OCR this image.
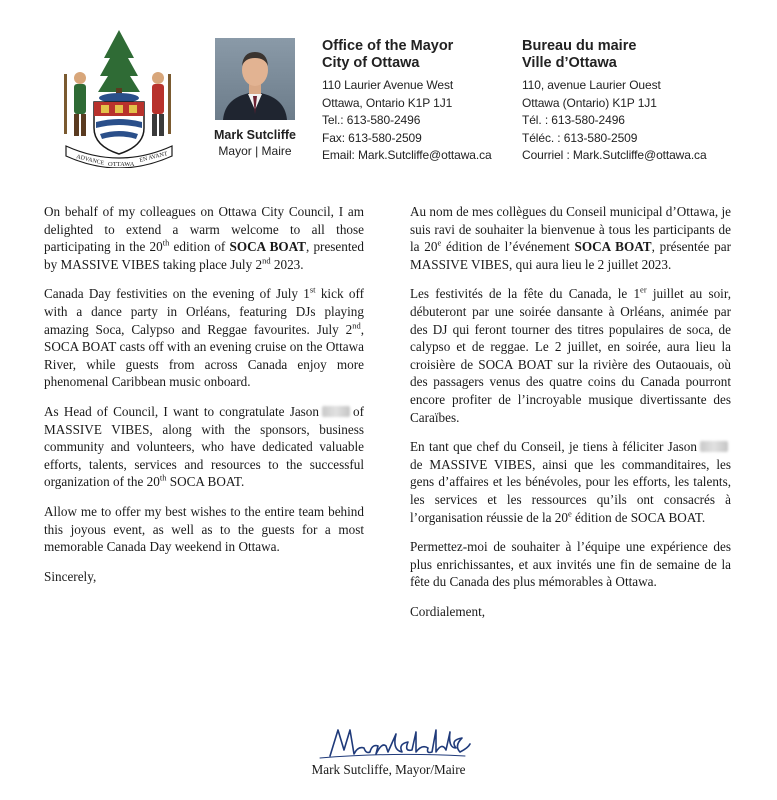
ADVANCE OTTAWA
EN AVANT
Mark Sutcliffe
Mayor | Maire
Office of the Mayor
City of Ottawa
110 Laurier Avenue West
Ottawa, Ontario K1P 1J1
Tel.: 613-580-2496
Fax: 613-580-2509
Email: Mark.Sutcliffe@ottawa.ca
Bureau du maire
Ville d’Ottawa
110, avenue Laurier Ouest
Ottawa (Ontario) K1P 1J1
Tél. : 613-580-2496
Téléc. : 613-580-2509
Courriel : Mark.Sutcliffe@ottawa.ca

On behalf of my colleagues on Ottawa City Council, I am delighted to extend a warm welcome to all those participating in the 20th edition of SOCA BOAT, presented by MASSIVE VIBES taking place July 2nd 2023.

Canada Day festivities on the evening of July 1st kick off with a dance party in Orléans, featuring DJs playing amazing Soca, Calypso and Reggae favourites. July 2nd, SOCA BOAT casts off with an evening cruise on the Ottawa River, while guests from across Canada enjoy more phenomenal Caribbean music onboard.

As Head of Council, I want to congratulate Jason	of MASSIVE VIBES, along with the sponsors, business community and volunteers, who have dedicated valuable efforts, talents, services and resources to the successful organization of the 20th SOCA BOAT.

Allow me to offer my best wishes to the entire team behind this joyous event, as well as to the guests for a most memorable Canada Day weekend in Ottawa.

Sincerely,

Au nom de mes collègues du Conseil municipal d’Ottawa, je suis ravi de souhaiter la bienvenue à tous les participants de la 20e édition de l’événement SOCA BOAT, présentée par MASSIVE VIBES, qui aura lieu le 2 juillet 2023.

Les festivités de la fête du Canada, le 1er juillet au soir, débuteront par une soirée dansante à Orléans, animée par des DJ qui feront tourner des titres populaires de soca, de calypso et de reggae. Le 2 juillet, en soirée, aura lieu la croisière de SOCA BOAT sur la rivière des Outaouais, où des passagers venus des quatre coins du Canada pourront encore profiter de l’incroyable musique divertissante des Caraïbes.

En tant que chef du Conseil, je tiens à féliciter Jasonde MASSIVE VIBES, ainsi que les commanditaires, les gens d’affaires et les bénévoles, pour les efforts, les talents, les services et les ressources qu’ils ont consacrés à l’organisation réussie de la 20e édition de SOCA BOAT.

Permettez-moi de souhaiter à l’équipe une expérience des plus enrichissantes, et aux invités une fin de semaine de la fête du Canada des plus mémorables à Ottawa.

Cordialement,

Mark Sutcliffe, Mayor/Maire
